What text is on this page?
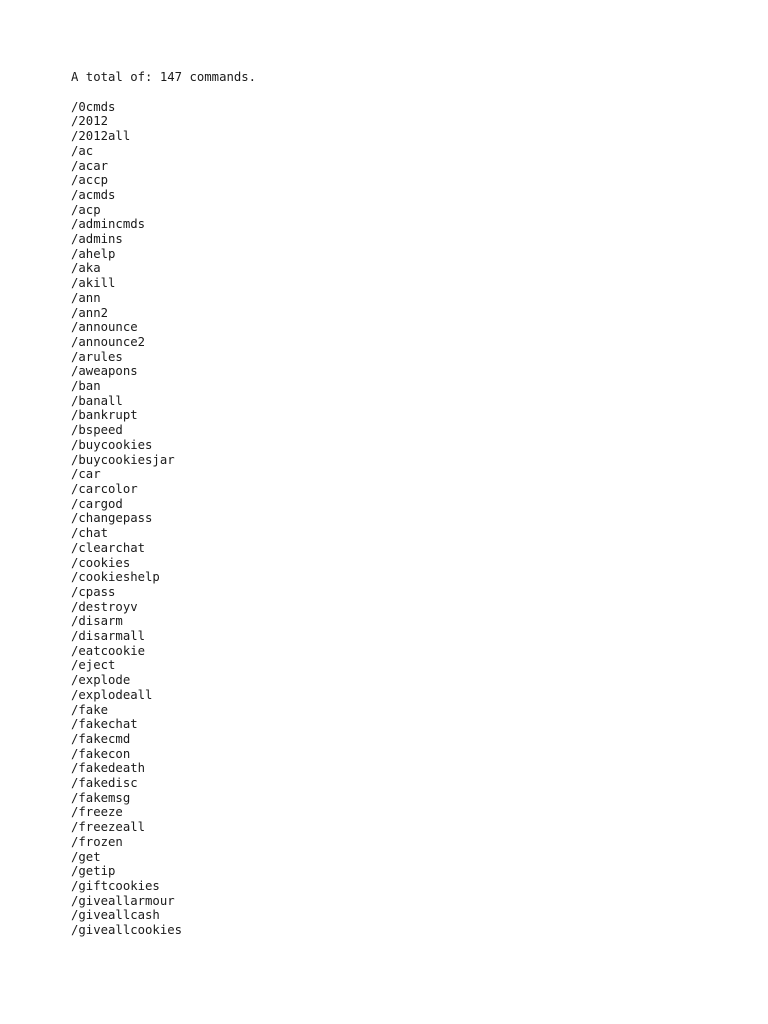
A total of: 147 commands.
/0cmds
/2012
/2012all
/ac
/acar
/accp
/acmds
/acp
/admincmds
/admins
/ahelp
/aka
/akill
/ann
/ann2
/announce
/announce2
/arules
/aweapons
/ban
/banall
/bankrupt
/bspeed
/buycookies
/buycookiesjar
/car
/carcolor
/cargod
/changepass
/chat
/clearchat
/cookies
/cookieshelp
/cpass
/destroyv
/disarm
/disarmall
/eatcookie
/eject
/explode
/explodeall
/fake
/fakechat
/fakecmd
/fakecon
/fakedeath
/fakedisc
/fakemsg
/freeze
/freezeall
/frozen
/get
/getip
/giftcookies
/giveallarmour
/giveallcash
/giveallcookies
